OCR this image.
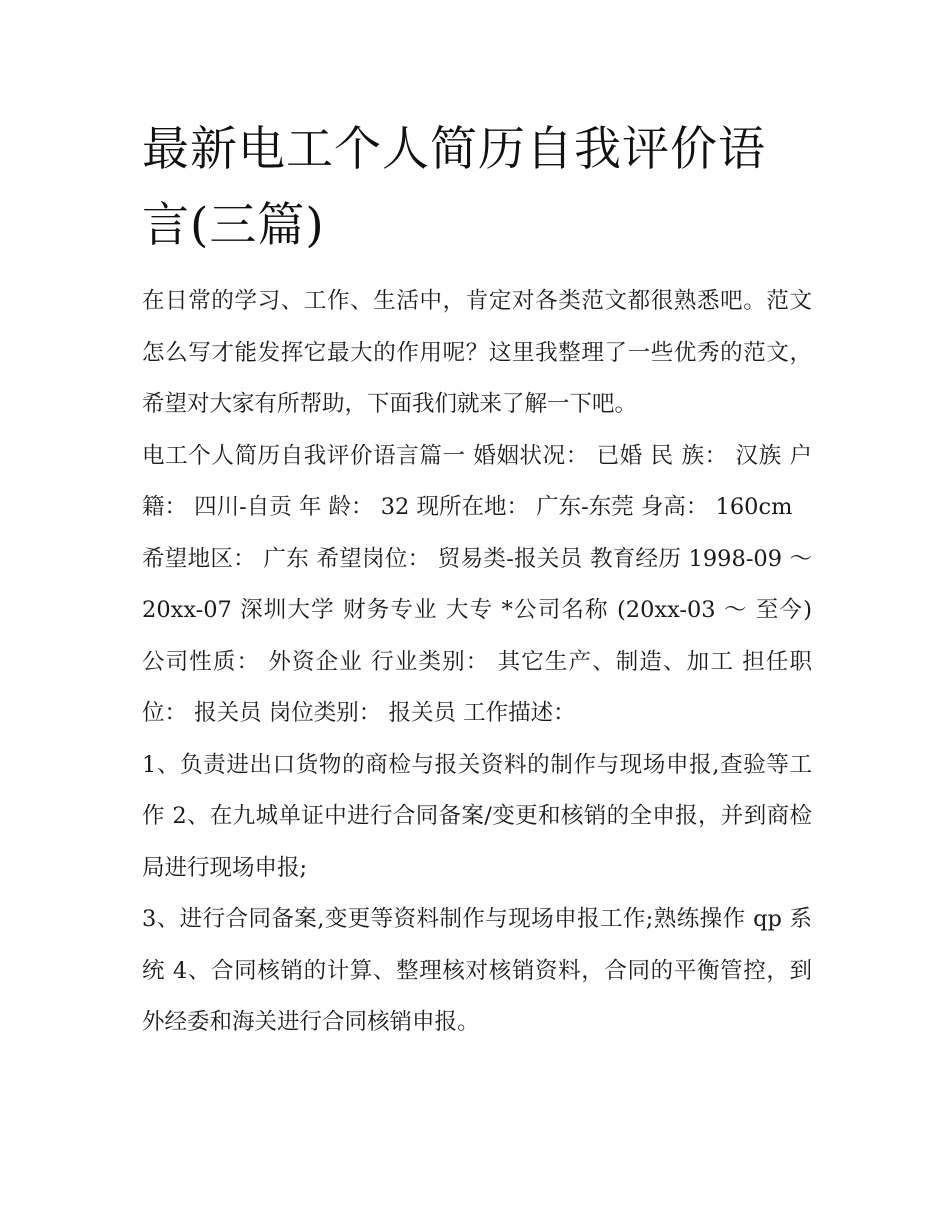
最新电工个人简历自我评价语言(三篇)

在日常的学习、工作、生活中，肯定对各类范文都很熟悉吧。范文怎么写才能发挥它最大的作用呢？这里我整理了一些优秀的范文，希望对大家有所帮助，下面我们就来了解一下吧。

电工个人简历自我评价语言篇一 婚姻状况： 已婚 民 族： 汉族 户 籍： 四川-自贡 年 龄： 32 现所在地： 广东-东莞 身高： 160cm

希望地区： 广东 希望岗位： 贸易类-报关员 教育经历 1998-09 ～ 20xx-07 深圳大学 财务专业 大专 *公司名称 (20xx-03 ～ 至今) 公司性质： 外资企业 行业类别： 其它生产、制造、加工 担任职位： 报关员 岗位类别： 报关员 工作描述：

1、负责进出口货物的商检与报关资料的制作与现场申报,查验等工作 2、在九城单证中进行合同备案/变更和核销的全申报，并到商检局进行现场申报;

3、进行合同备案,变更等资料制作与现场申报工作;熟练操作 qp 系统 4、合同核销的计算、整理核对核销资料，合同的平衡管控，到外经委和海关进行合同核销申报。
